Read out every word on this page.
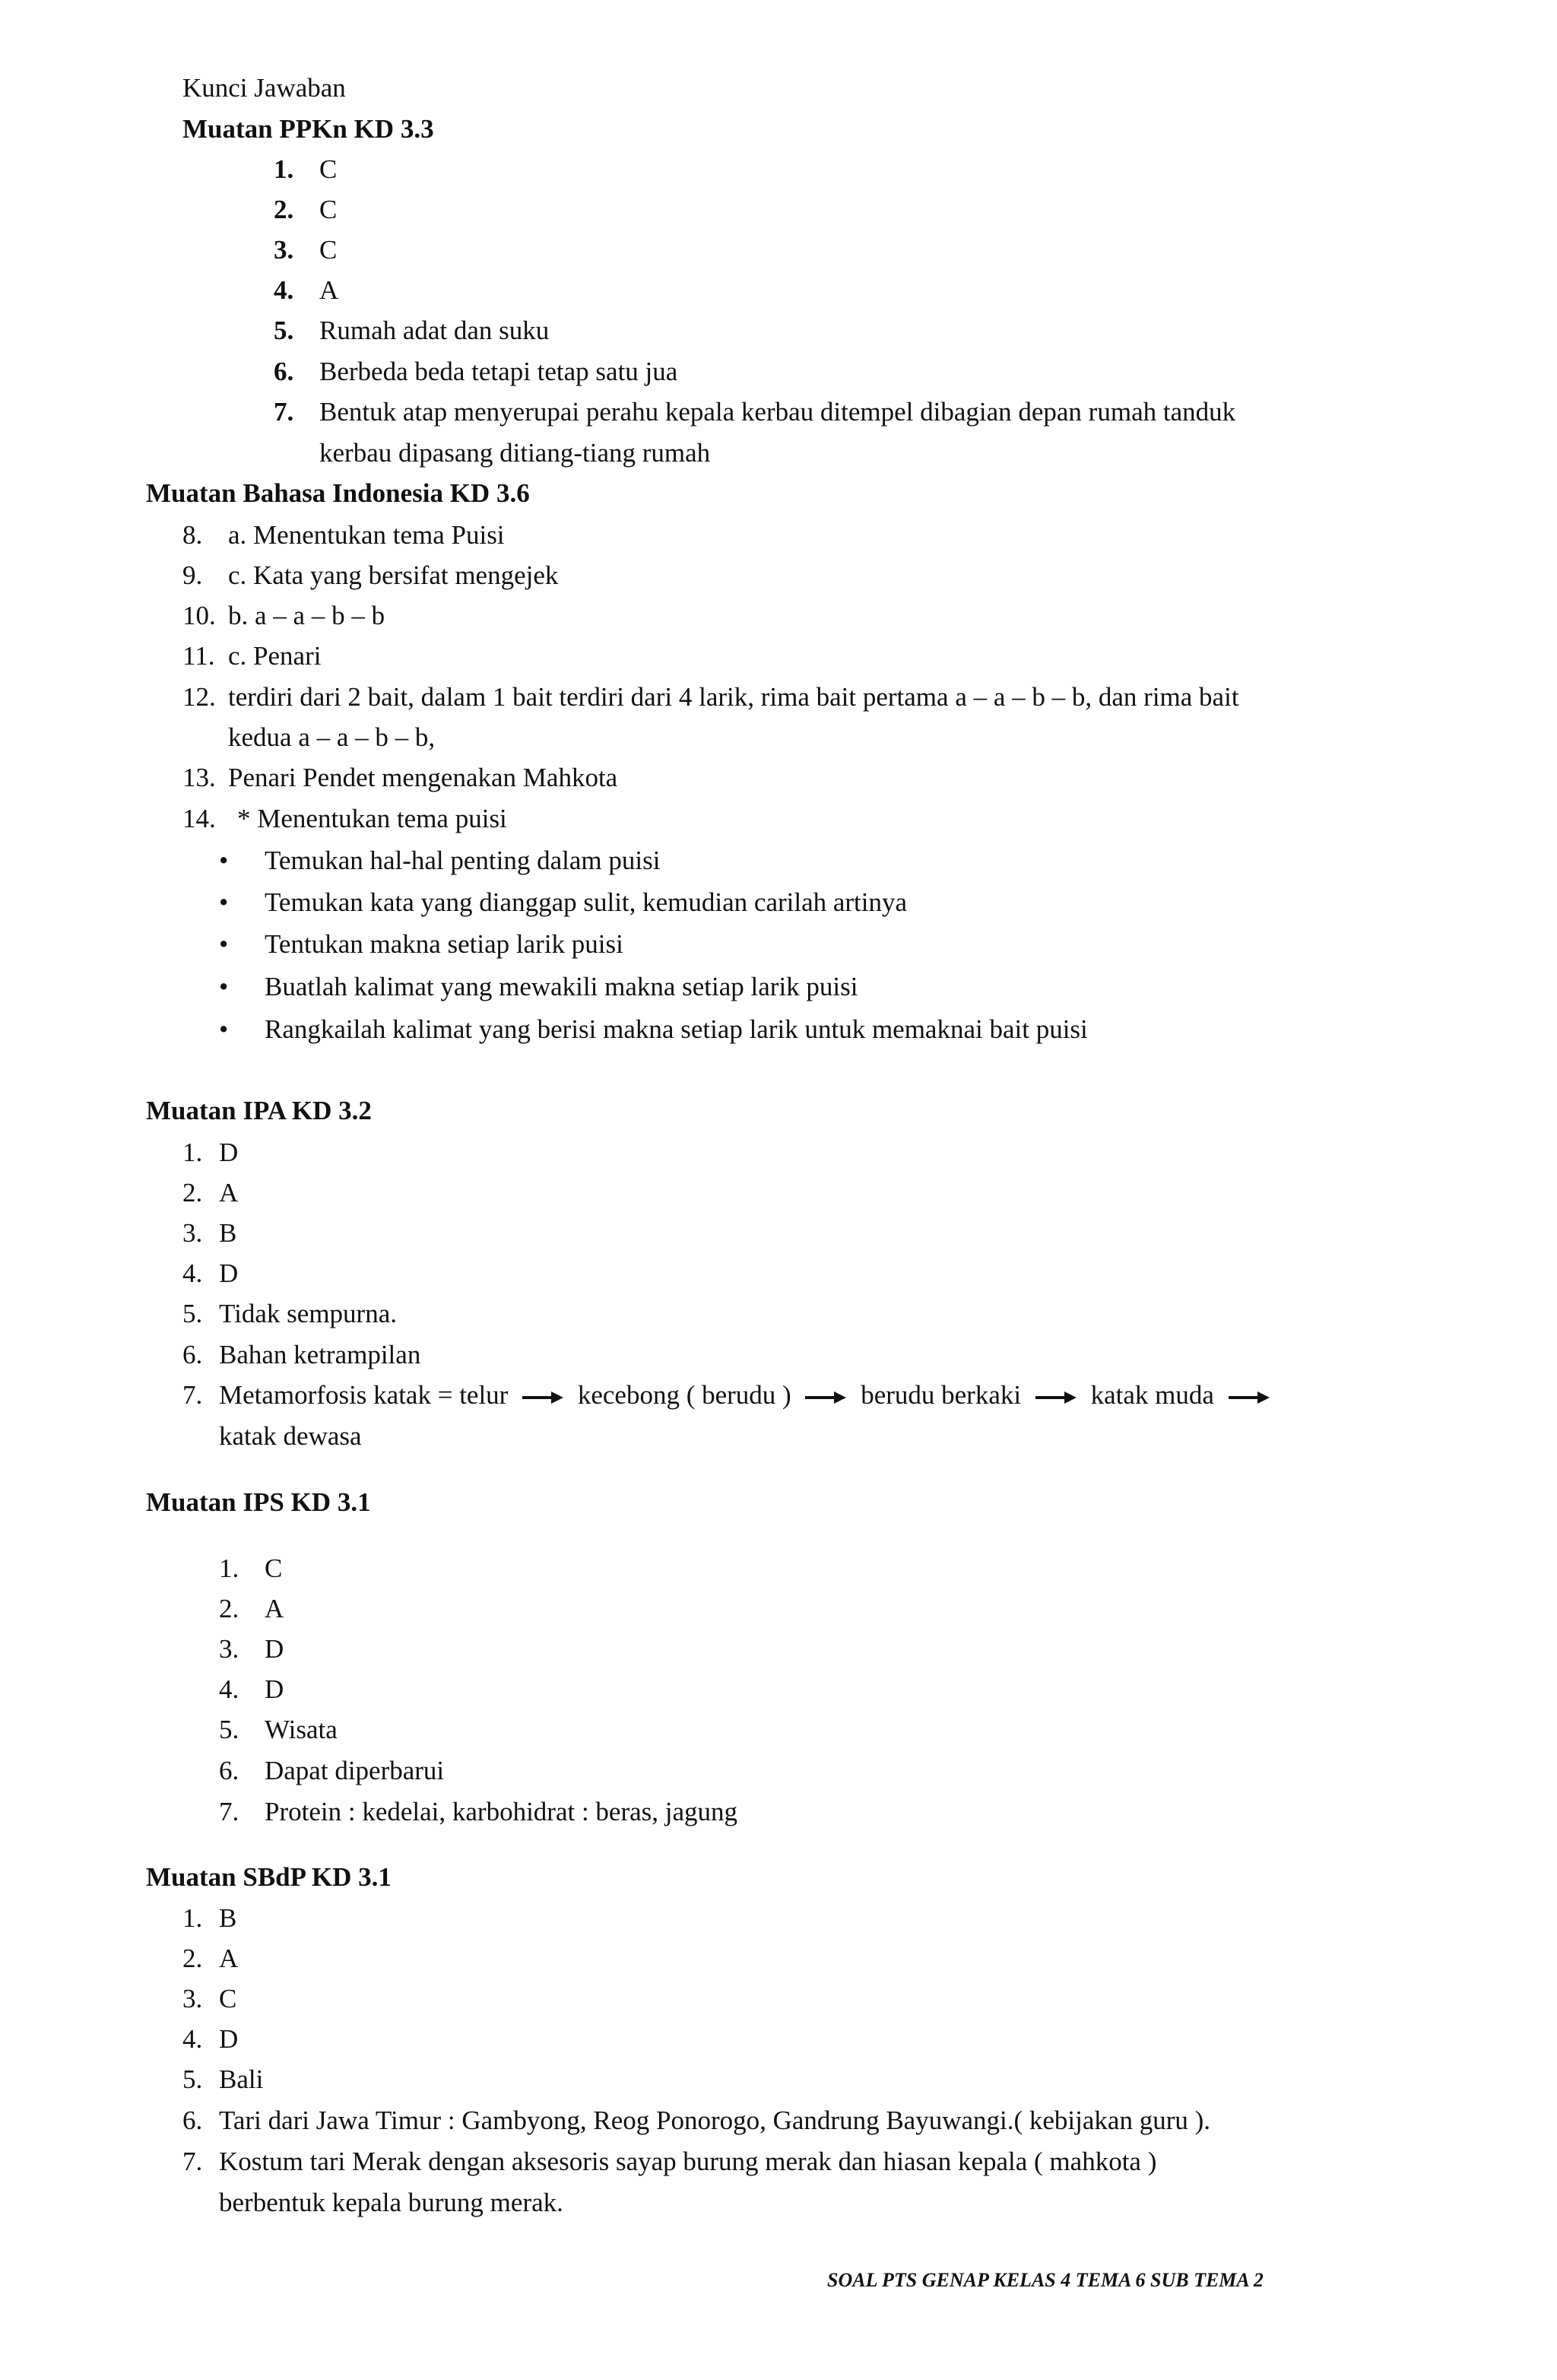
Kunci Jawaban
Muatan PPKn KD 3.3
1. C
2. C
3. C
4. A
5. Rumah adat dan suku
6. Berbeda beda tetapi tetap satu jua
7. Bentuk atap menyerupai perahu kepala kerbau ditempel dibagian depan rumah tanduk
kerbau dipasang ditiang-tiang rumah
Muatan Bahasa Indonesia KD 3.6
8. a. Menentukan tema Puisi
9. c. Kata yang bersifat mengejek
10. b. a – a – b – b
11. c. Penari
12. terdiri dari 2 bait, dalam 1 bait terdiri dari 4 larik, rima bait pertama a – a – b – b, dan rima bait
kedua a – a – b – b,
13. Penari Pendet mengenakan Mahkota
14. * Menentukan tema puisi
• Temukan hal-hal penting dalam puisi
• Temukan kata yang dianggap sulit, kemudian carilah artinya
• Tentukan makna setiap larik puisi
• Buatlah kalimat yang mewakili makna setiap larik puisi
• Rangkailah kalimat yang berisi makna setiap larik untuk memaknai bait puisi
Muatan IPA KD 3.2
1. D
2. A
3. B
4. D
5. Tidak sempurna.
6. Bahan ketrampilan
7. Metamorfosis katak = telur	kecebong ( berudu )	berudu berkaki	katak muda
katak dewasa
Muatan IPS KD 3.1
1. C
2. A
3. D
4. D
5. Wisata
6. Dapat diperbarui
7. Protein : kedelai, karbohidrat : beras, jagung
Muatan SBdP KD 3.1
1. B
2. A
3. C
4. D
5. Bali
6. Tari dari Jawa Timur : Gambyong, Reog Ponorogo, Gandrung Bayuwangi.( kebijakan guru ).
7. Kostum tari Merak dengan aksesoris sayap burung merak dan hiasan kepala ( mahkota )
berbentuk kepala burung merak.
SOAL PTS GENAP KELAS 4 TEMA 6 SUB TEMA 2
